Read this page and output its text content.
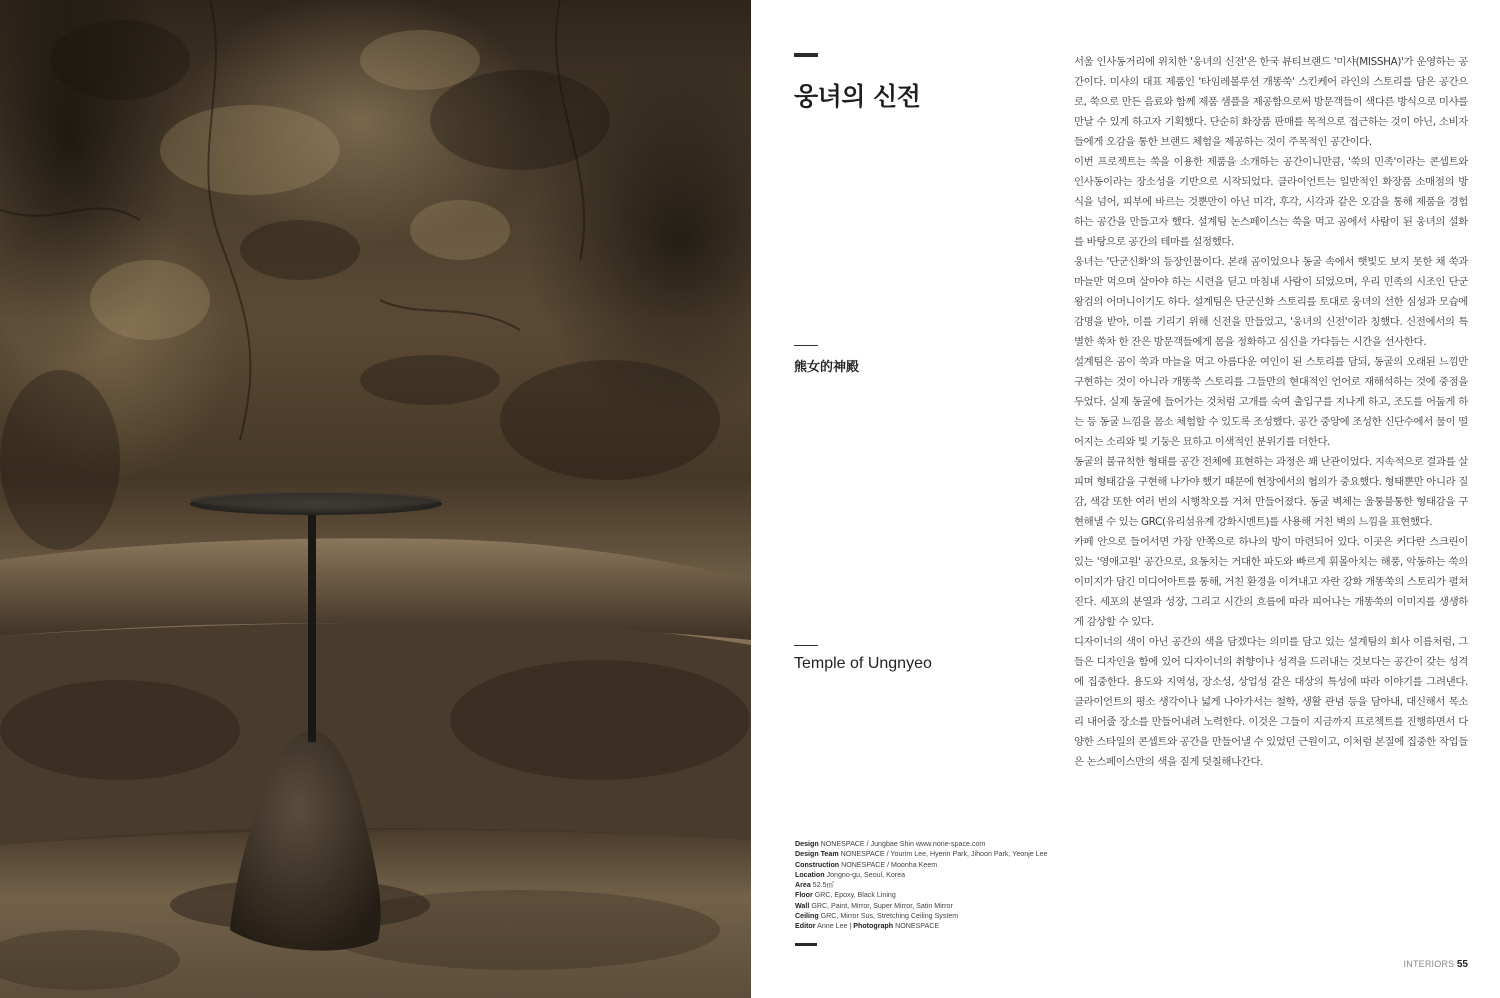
웅녀의 신전
熊女的神殿
Temple of Ungnyeo

서울 인사동거리에 위치한 '웅녀의 신전'은 한국 뷰티브랜드 '미샤(MISSHA)'가 운영하는 공간이다. 미샤의 대표 제품인 '타임레볼루션 개똥쑥' 스킨케어 라인의 스토리를 담은 공간으로, 쑥으로 만든 음료와 함께 제품 샘플을 제공함으로써 방문객들이 색다른 방식으로 미샤를 만날 수 있게 하고자 기획했다. 단순히 화장품 판매를 목적으로 접근하는 것이 아닌, 소비자들에게 오감을 통한 브랜드 체험을 제공하는 것이 주목적인 공간이다.

이번 프로젝트는 쑥을 이용한 제품을 소개하는 공간이니만큼, '쑥의 민족'이라는 콘셉트와 인사동이라는 장소성을 기반으로 시작되었다. 클라이언트는 일반적인 화장품 소매점의 방식을 넘어, 피부에 바르는 것뿐만이 아닌 미각, 후각, 시각과 같은 오감을 통해 제품을 경험하는 공간을 만들고자 했다. 설계팀 논스페이스는 쑥을 먹고 곰에서 사람이 된 웅녀의 설화를 바탕으로 공간의 테마를 설정했다.

웅녀는 '단군신화'의 등장인물이다. 본래 곰이었으나 동굴 속에서 햇빛도 보지 못한 채 쑥과 마늘만 먹으며 살아야 하는 시련을 딛고 마침내 사람이 되었으며, 우리 민족의 시조인 단군왕검의 어머니이기도 하다. 설계팀은 단군신화 스토리를 토대로 웅녀의 선한 심성과 모습에 감명을 받아, 이를 기리기 위해 신전을 만들었고, '웅녀의 신전'이라 칭했다. 신전에서의 특별한 쑥차 한 잔은 방문객들에게 몸을 정화하고 심신을 가다듬는 시간을 선사한다.

설계팀은 곰이 쑥과 마늘을 먹고 아름다운 여인이 된 스토리를 담되, 동굴의 오래된 느낌만 구현하는 것이 아니라 개똥쑥 스토리를 그들만의 현대적인 언어로 재해석하는 것에 중점을 두었다. 실제 동굴에 들어가는 것처럼 고개를 숙여 출입구를 지나게 하고, 조도를 어둡게 하는 등 동굴 느낌을 몸소 체험할 수 있도록 조성했다. 공간 중앙에 조성한 신단수에서 물이 떨어지는 소리와 빛 기둥은 묘하고 이색적인 분위기를 더한다.

동굴의 불규칙한 형태를 공간 전체에 표현하는 과정은 꽤 난관이었다. 지속적으로 결과를 살피며 형태감을 구현해 나가야 했기 때문에 현장에서의 협의가 중요했다. 형태뿐만 아니라 질감, 색감 또한 여러 번의 시행착오를 거쳐 만들어졌다. 동굴 벽체는 울퉁불퉁한 형태감을 구현해낼 수 있는 GRC(유리섬유계 강화시멘트)를 사용해 거친 벽의 느낌을 표현했다.

카페 안으로 들어서면 가장 안쪽으로 하나의 방이 마련되어 있다. 이곳은 커다란 스크린이 있는 '영애고원' 공간으로, 요동치는 거대한 파도와 빠르게 휘몰아치는 해풍, 악동하는 쑥의 이미지가 담긴 미디어아트를 통해, 거친 환경을 이겨내고 자란 강화 개똥쑥의 스토리가 펼쳐진다. 세포의 분열과 성장, 그리고 시간의 흐름에 따라 피어나는 개똥쑥의 이미지를 생생하게 감상할 수 있다.

디자이너의 색이 아닌 공간의 색을 담겠다는 의미를 담고 있는 설계팀의 회사 이름처럼, 그들은 디자인을 함에 있어 디자이너의 취향이나 성격을 드러내는 것보다는 공간이 갖는 성격에 집중한다. 용도와 지역성, 장소성, 상업성 같은 대상의 특성에 따라 이야기를 그려낸다. 클라이언트의 평소 생각이나 넓게 나아가서는 철학, 생활 관념 등을 담아내, 대신해서 목소리 내어줄 장소를 만들어내려 노력한다. 이것은 그들이 지금까지 프로젝트를 진행하면서 다양한 스타일의 콘셉트와 공간을 만들어낼 수 있었던 근원이고, 이처럼 본질에 집중한 작업들은 논스페이스만의 색을 짙게 덧칠해나간다.

Design NONESPACE / Jungbae Shin www.none-space.com
Design Team NONESPACE / Yourim Lee, Hyerin Park, Jihoon Park, Yeonje Lee
Construction NONESPACE / Moonha Keem
Location Jongno-gu, Seoul, Korea
Area 52.5㎡
Floor GRC, Epoxy, Black Lining
Wall GRC, Paint, Mirror, Super Mirror, Satin Mirror
Ceiling GRC, Mirror Sus, Stretching Ceiling System
Editor Anne Lee | Photograph NONESPACE
INTERIORS 55
